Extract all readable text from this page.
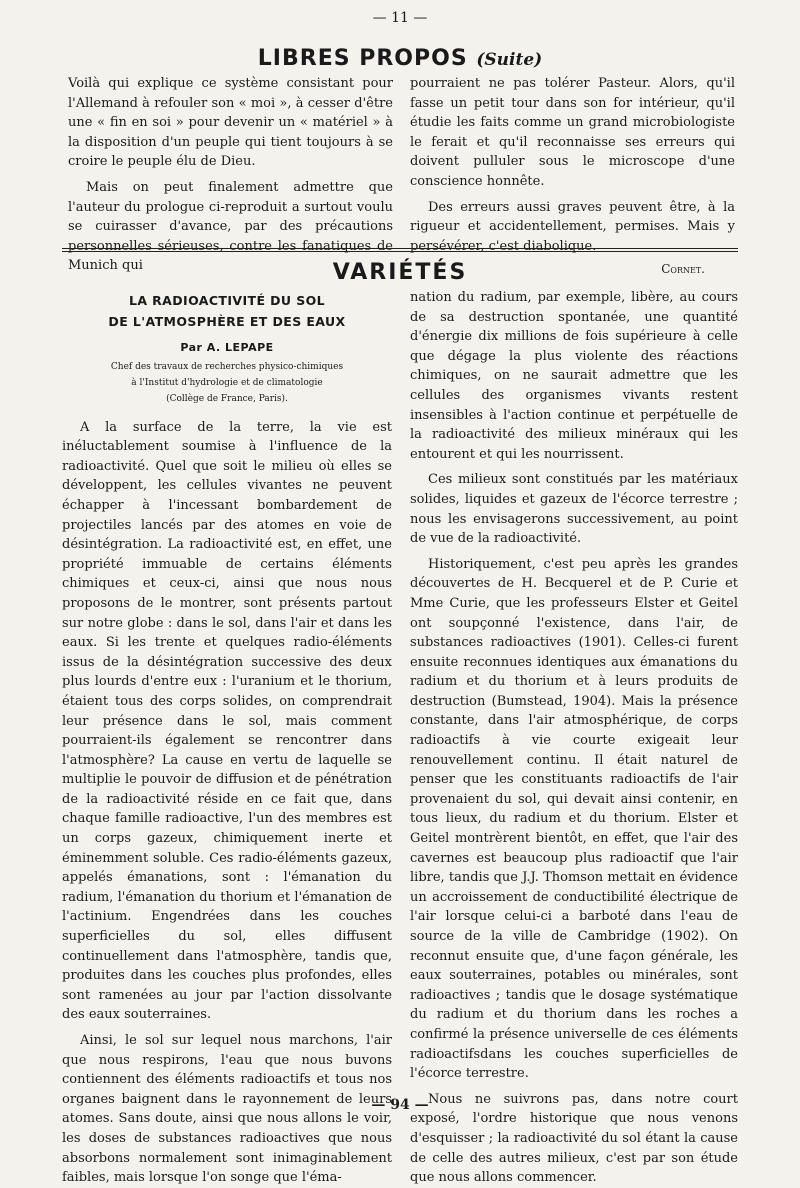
— 11 —
LIBRES PROPOS (Suite)

Voilà qui explique ce système consistant pour l'Allemand à refouler son « moi », à cesser d'être une « fin en soi » pour devenir un « matériel » à la disposition d'un peuple qui tient toujours à se croire le peuple élu de Dieu.

Mais on peut finalement admettre que l'auteur du prologue ci-reproduit a surtout voulu se cuirasser d'avance, par des précautions personnelles sérieuses, contre les fanatiques de Munich qui

pourraient ne pas tolérer Pasteur. Alors, qu'il fasse un petit tour dans son for intérieur, qu'il étudie les faits comme un grand microbiologiste le ferait et qu'il reconnaisse ses erreurs qui doivent pulluler sous le microscope d'une conscience honnête.

Des erreurs aussi graves peuvent être, à la rigueur et accidentellement, permises. Mais y persévérer, c'est diabolique.

Cornet.
VARIÉTÉS
LA RADIOACTIVITÉ DU SOL
DE L'ATMOSPHÈRE ET DES EAUX
Par A. LEPAPE
Chef des travaux de recherches physico-chimiques
à l'Institut d'hydrologie et de climatologie
(Collège de France, Paris).

A la surface de la terre, la vie est inéluctablement soumise à l'influence de la radioactivité. Quel que soit le milieu où elles se développent, les cellules vivantes ne peuvent échapper à l'incessant bombardement de projectiles lancés par des atomes en voie de désintégration. La radioactivité est, en effet, une propriété immuable de certains éléments chimiques et ceux-ci, ainsi que nous nous proposons de le montrer, sont présents partout sur notre globe : dans le sol, dans l'air et dans les eaux. Si les trente et quelques radio-éléments issus de la désintégration successive des deux plus lourds d'entre eux : l'uranium et le thorium, étaient tous des corps solides, on comprendrait leur présence dans le sol, mais comment pourraient-ils également se rencontrer dans l'atmosphère? La cause en vertu de laquelle se multiplie le pouvoir de diffusion et de pénétration de la radioactivité réside en ce fait que, dans chaque famille radioactive, l'un des membres est un corps gazeux, chimiquement inerte et éminemment soluble. Ces radio-éléments gazeux, appelés émanations, sont : l'émanation du radium, l'émanation du thorium et l'émanation de l'actinium. Engendrées dans les couches superficielles du sol, elles diffusent continuellement dans l'atmosphère, tandis que, produites dans les couches plus profondes, elles sont ramenées au jour par l'action dissolvante des eaux souterraines.

Ainsi, le sol sur lequel nous marchons, l'air que nous respirons, l'eau que nous buvons contiennent des éléments radioactifs et tous nos organes baignent dans le rayonnement de leurs atomes. Sans doute, ainsi que nous allons le voir, les doses de substances radioactives que nous absorbons normalement sont inimaginablement faibles, mais lorsque l'on songe que l'éma-

nation du radium, par exemple, libère, au cours de sa destruction spontanée, une quantité d'énergie dix millions de fois supérieure à celle que dégage la plus violente des réactions chimiques, on ne saurait admettre que les cellules des organismes vivants restent insensibles à l'action continue et perpétuelle de la radioactivité des milieux minéraux qui les entourent et qui les nourrissent.

Ces milieux sont constitués par les matériaux solides, liquides et gazeux de l'écorce terrestre ; nous les envisagerons successivement, au point de vue de la radioactivité.

Historiquement, c'est peu après les grandes découvertes de H. Becquerel et de P. Curie et Mme Curie, que les professeurs Elster et Geitel ont soupçonné l'existence, dans l'air, de substances radioactives (1901). Celles-ci furent ensuite reconnues identiques aux émanations du radium et du thorium et à leurs produits de destruction (Bumstead, 1904). Mais la présence constante, dans l'air atmosphérique, de corps radioactifs à vie courte exigeait leur renouvellement continu. Il était naturel de penser que les constituants radioactifs de l'air provenaient du sol, qui devait ainsi contenir, en tous lieux, du radium et du thorium. Elster et Geitel montrèrent bientôt, en effet, que l'air des cavernes est beaucoup plus radioactif que l'air libre, tandis que J.J. Thomson mettait en évidence un accroissement de conductibilité électrique de l'air lorsque celui-ci a barboté dans l'eau de source de la ville de Cambridge (1902). On reconnut ensuite que, d'une façon générale, les eaux souterraines, potables ou minérales, sont radioactives ; tandis que le dosage systématique du radium et du thorium dans les roches a confirmé la présence universelle de ces éléments radioactifsdans les couches superficielles de l'écorce terrestre.

Nous ne suivrons pas, dans notre court exposé, l'ordre historique que nous venons d'esquisser ; la radioactivité du sol étant la cause de celle des autres milieux, c'est par son étude que nous allons commencer.

— 94 —
